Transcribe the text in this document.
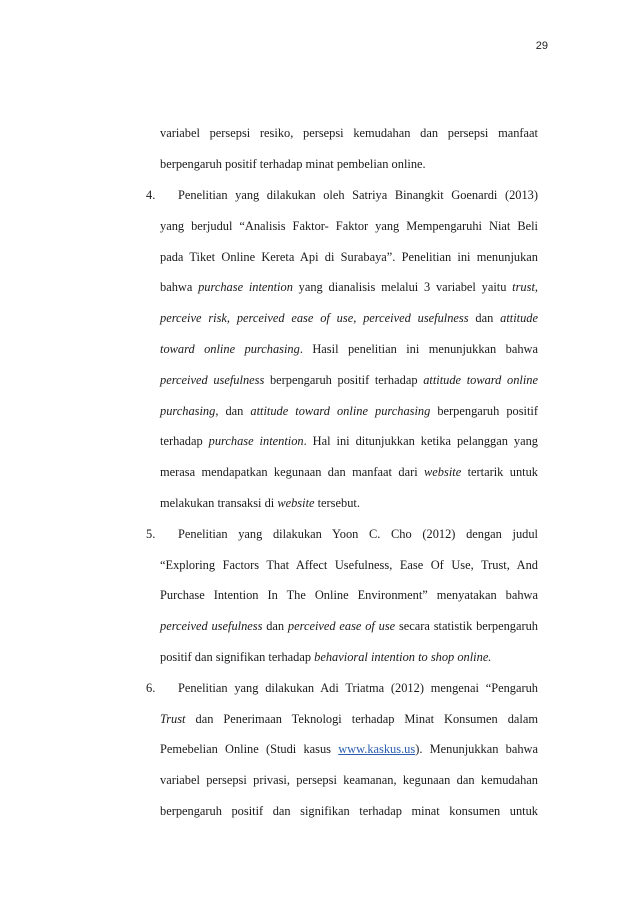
29
variabel persepsi resiko, persepsi kemudahan dan persepsi manfaat
berpengaruh positif terhadap minat pembelian online.
4.	Penelitian yang dilakukan oleh Satriya Binangkit Goenardi (2013)
yang berjudul “Analisis Faktor- Faktor yang Mempengaruhi Niat Beli
pada Tiket Online Kereta Api di Surabaya”. Penelitian ini menunjukan
bahwa purchase intention yang dianalisis melalui 3 variabel yaitu trust,
perceive risk, perceived ease of use, perceived usefulness dan attitude
toward online purchasing. Hasil penelitian ini menunjukkan bahwa
perceived usefulness berpengaruh positif terhadap attitude toward online
purchasing, dan attitude toward online purchasing berpengaruh positif
terhadap purchase intention. Hal ini ditunjukkan ketika pelanggan yang
merasa mendapatkan kegunaan dan manfaat dari website tertarik untuk
melakukan transaksi di website tersebut.
5.	Penelitian yang dilakukan Yoon C. Cho (2012) dengan judul
“Exploring Factors That Affect Usefulness, Ease Of Use, Trust, And
Purchase Intention In The Online Environment” menyatakan bahwa
perceived usefulness dan perceived ease of use secara statistik berpengaruh
positif dan signifikan terhadap behavioral intention to shop online.
6.	Penelitian yang dilakukan Adi Triatma (2012) mengenai “Pengaruh
Trust dan Penerimaan Teknologi terhadap Minat Konsumen dalam
Pemebelian Online (Studi kasus www.kaskus.us). Menunjukkan bahwa
variabel persepsi privasi, persepsi keamanan, kegunaan dan kemudahan
berpengaruh positif dan signifikan terhadap minat konsumen untuk
